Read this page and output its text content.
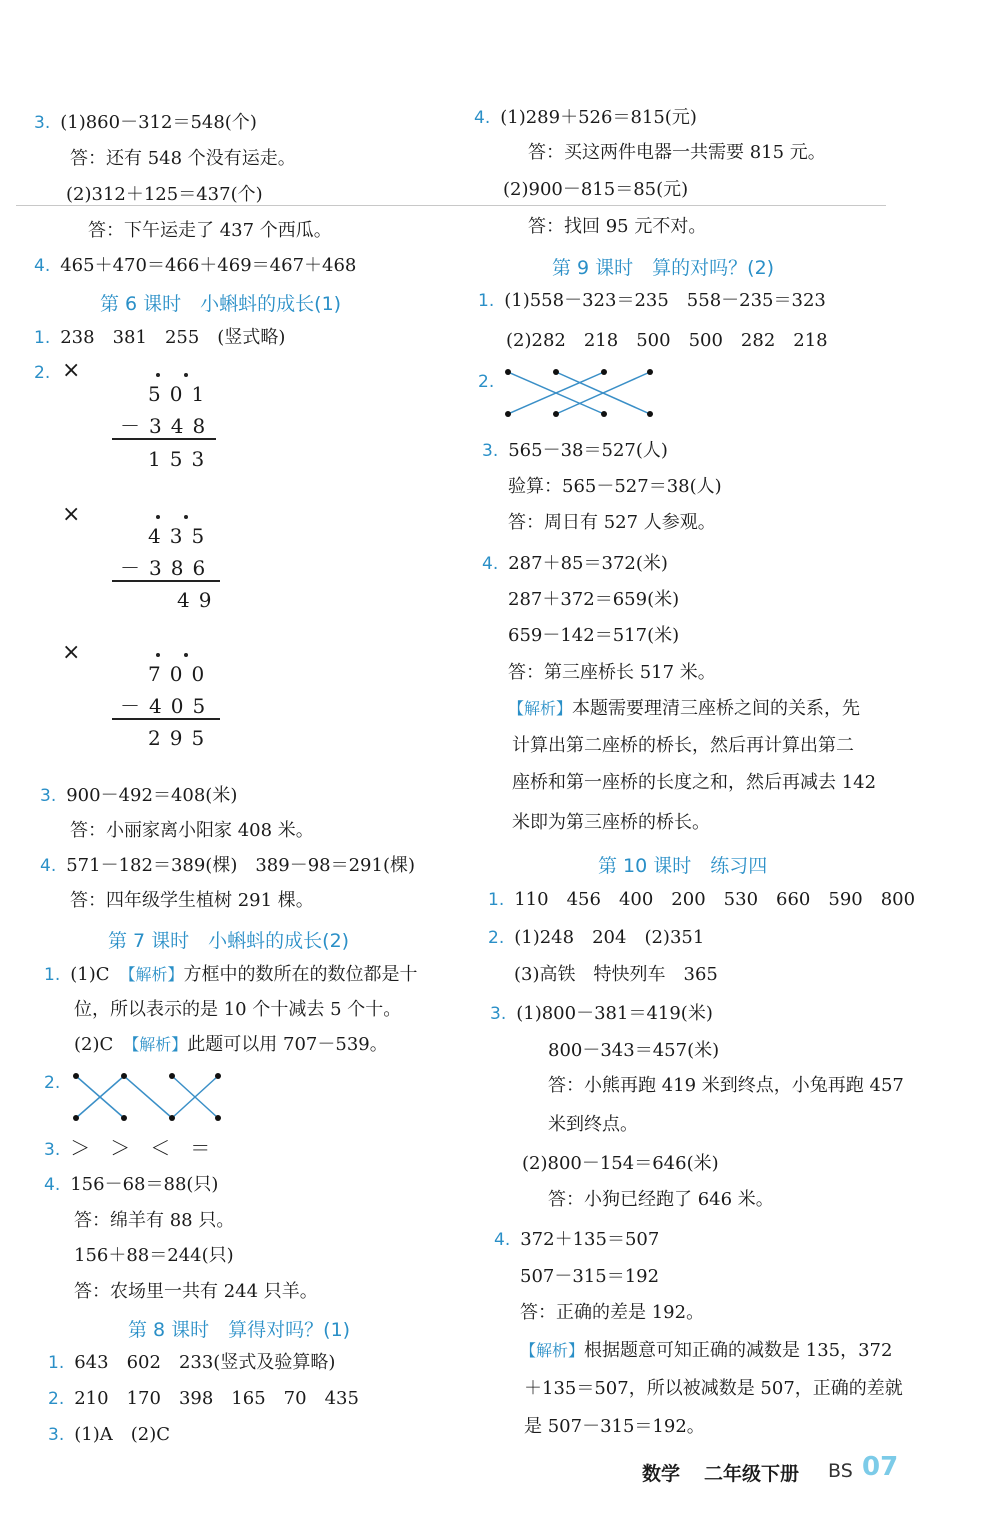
3. (1)860－312＝548(个)
答：还有 548 个没有运走。
(2)312＋125＝437(个)
答：下午运走了 437 个西瓜。
4. 465＋470＝466＋469＝467＋468
第 6 课时　小蝌蚪的成长(1)
1. 238　381　255　(竖式略)
2. ×
501
－348
153
×
435
－386
49
×
700
－405
295
3. 900－492＝408(米)
答：小丽家离小阳家 408 米。
4. 571－182＝389(棵)　389－98＝291(棵)
答：四年级学生植树 291 棵。
第 7 课时　小蝌蚪的成长(2)
1. (1)C　【解析】方框中的数所在的数位都是十
位，所以表示的是 10 个十减去 5 个十。
(2)C　【解析】此题可以用 707－539。
2.
3. ＞　＞　＜　＝
4. 156－68＝88(只)
答：绵羊有 88 只。
156＋88＝244(只)
答：农场里一共有 244 只羊。
第 8 课时　算得对吗？(1)
1. 643　602　233(竖式及验算略)
2. 210　170　398　165　70　435
3. (1)A　(2)C
4. (1)289＋526＝815(元)
答：买这两件电器一共需要 815 元。
(2)900－815＝85(元)
答：找回 95 元不对。
第 9 课时　算的对吗？(2)
1. (1)558－323＝235　558－235＝323
(2)282　218　500　500　282　218
2.
3. 565－38＝527(人)
验算：565－527＝38(人)
答：周日有 527 人参观。
4. 287＋85＝372(米)
287＋372＝659(米)
659－142＝517(米)
答：第三座桥长 517 米。
【解析】本题需要理清三座桥之间的关系，先
计算出第二座桥的桥长，然后再计算出第二
座桥和第一座桥的长度之和，然后再减去 142
米即为第三座桥的桥长。
第 10 课时　练习四
1. 110　456　400　200　530　660　590　800
2. (1)248　204　(2)351
(3)高铁　特快列车　365
3. (1)800－381＝419(米)
800－343＝457(米)
答：小熊再跑 419 米到终点，小兔再跑 457
米到终点。
(2)800－154＝646(米)
答：小狗已经跑了 646 米。
4. 372＋135＝507
507－315＝192
答：正确的差是 192。
【解析】根据题意可知正确的减数是 135，372
＋135＝507，所以被减数是 507，正确的差就
是 507－315＝192。
数学 二年级下册 BS 07
